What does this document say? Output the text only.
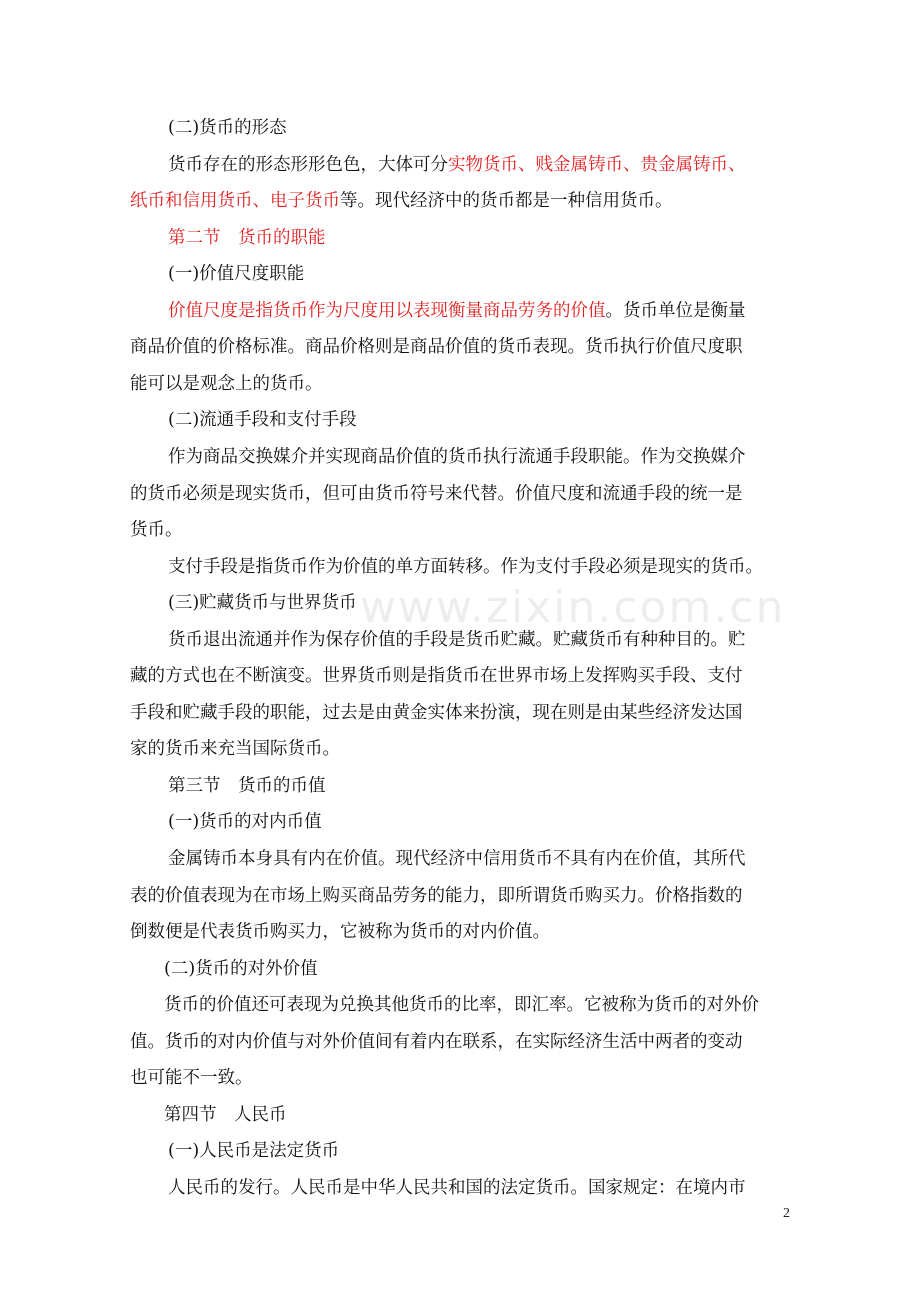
www.zixin.com.cn
(二)货币的形态
货币存在的形态形形色色，大体可分实物货币、贱金属铸币、贵金属铸币、
纸币和信用货币、电子货币等。现代经济中的货币都是一种信用货币。
第二节　货币的职能
(一)价值尺度职能
价值尺度是指货币作为尺度用以表现衡量商品劳务的价值。货币单位是衡量
商品价值的价格标准。商品价格则是商品价值的货币表现。货币执行价值尺度职
能可以是观念上的货币。
(二)流通手段和支付手段
作为商品交换媒介并实现商品价值的货币执行流通手段职能。作为交换媒介
的货币必须是现实货币，但可由货币符号来代替。价值尺度和流通手段的统一是
货币。
支付手段是指货币作为价值的单方面转移。作为支付手段必须是现实的货币。
(三)贮藏货币与世界货币
货币退出流通并作为保存价值的手段是货币贮藏。贮藏货币有种种目的。贮
藏的方式也在不断演变。世界货币则是指货币在世界市场上发挥购买手段、支付
手段和贮藏手段的职能，过去是由黄金实体来扮演，现在则是由某些经济发达国
家的货币来充当国际货币。
第三节　货币的币值
(一)货币的对内币值
金属铸币本身具有内在价值。现代经济中信用货币不具有内在价值，其所代
表的价值表现为在市场上购买商品劳务的能力，即所谓货币购买力。价格指数的
倒数便是代表货币购买力，它被称为货币的对内价值。
(二)货币的对外价值
货币的价值还可表现为兑换其他货币的比率，即汇率。它被称为货币的对外价
值。货币的对内价值与对外价值间有着内在联系，在实际经济生活中两者的变动
也可能不一致。
第四节　人民币
(一)人民币是法定货币
人民币的发行。人民币是中华人民共和国的法定货币。国家规定：在境内市
2
